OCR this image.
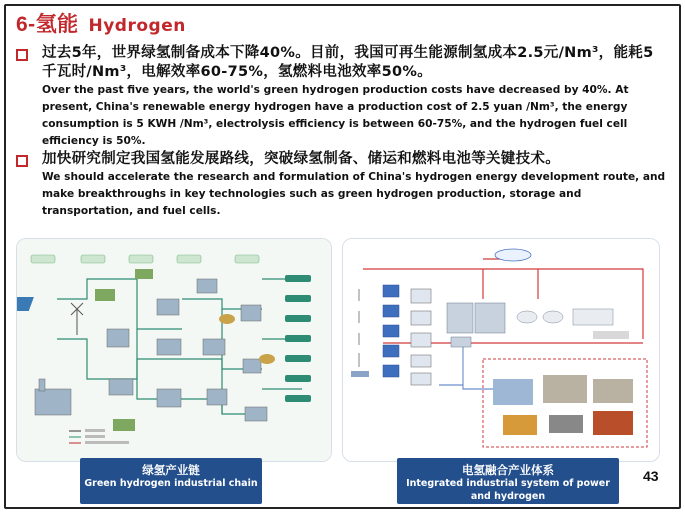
6-氢能 Hydrogen
过去5年，世界绿氢制备成本下降40%。目前，我国可再生能源制氢成本2.5元/Nm³，能耗5千瓦时/Nm³，电解效率60-75%，氢燃料电池效率50%。
Over the past five years, the world's green hydrogen production costs have decreased by 40%. At present, China's renewable energy hydrogen have a production cost of 2.5 yuan /Nm³, the energy consumption is 5 KWH /Nm³, electrolysis efficiency is between 60-75%, and the hydrogen fuel cell efficiency is 50%.
加快研究制定我国氢能发展路线，突破绿氢制备、储运和燃料电池等关键技术。
We should accelerate the research and formulation of China's hydrogen energy development route, and make breakthroughs in key technologies such as green hydrogen production, storage and transportation, and fuel cells.
绿氢产业链
Green hydrogen industrial chain
电氢融合产业体系
Integrated industrial system of power and hydrogen
43
